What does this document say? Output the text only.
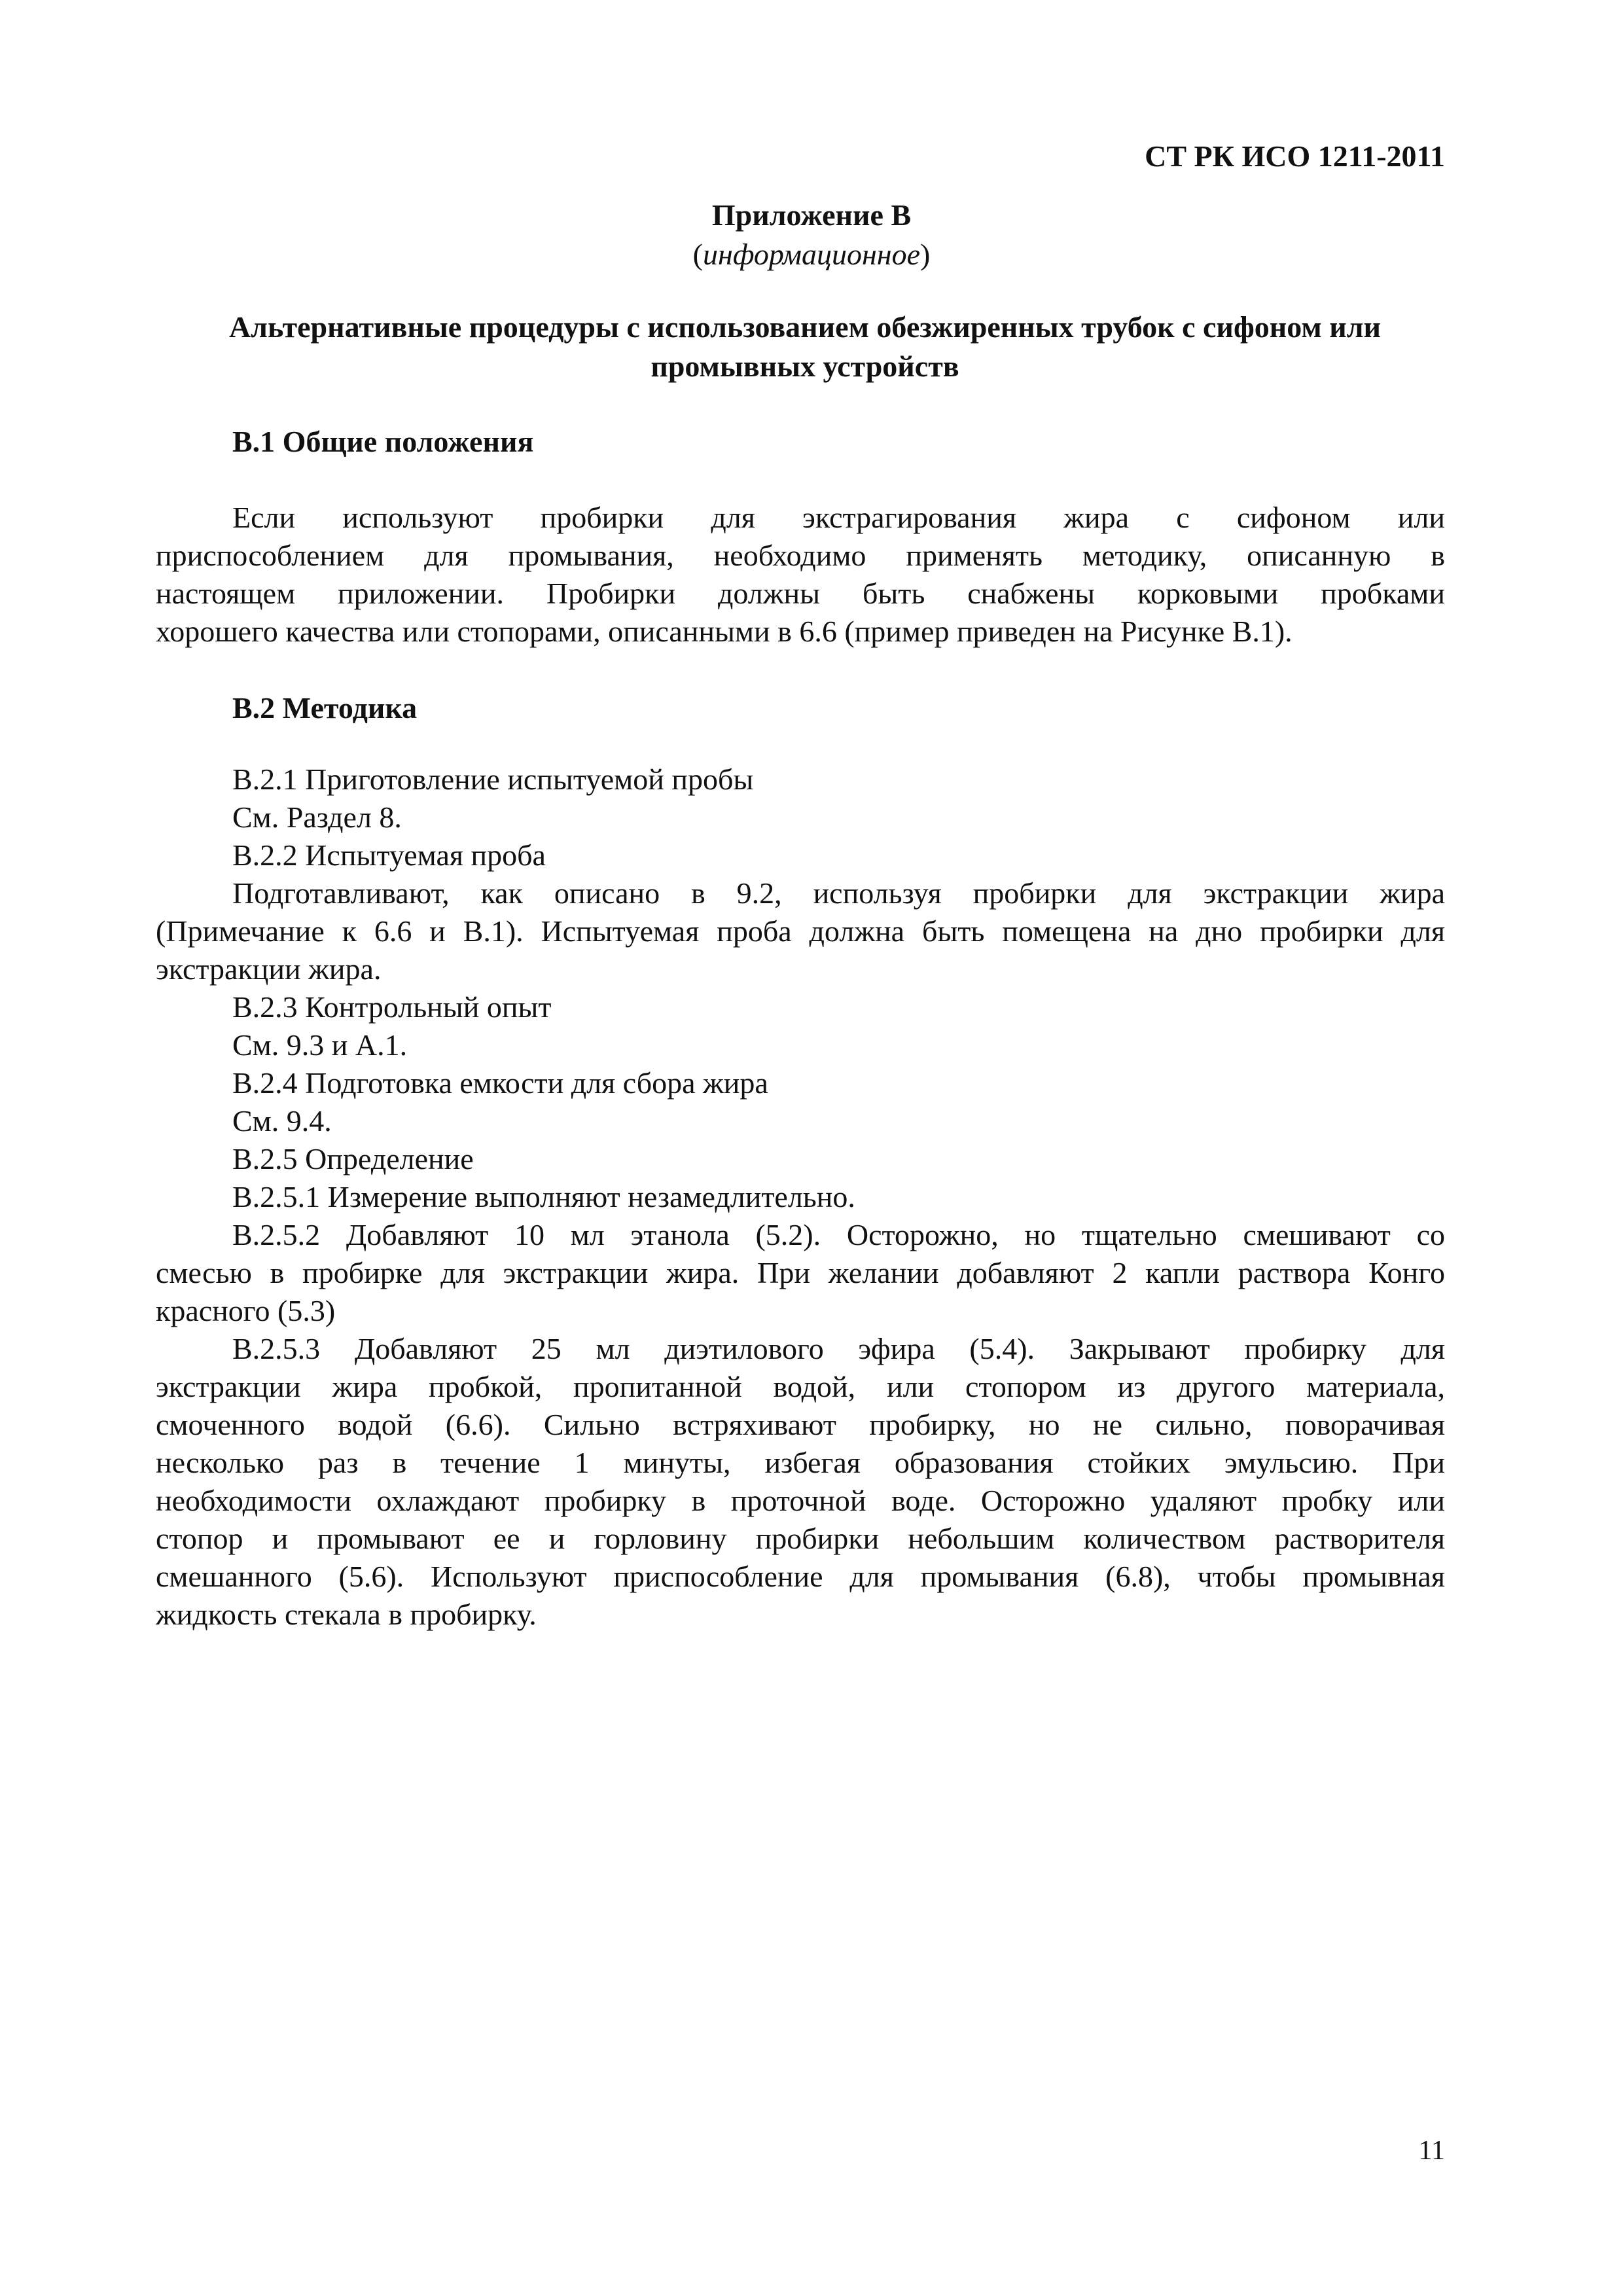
СТ РК ИСО 1211-2011
Приложение В
(информационное)
Альтернативные процедуры с использованием обезжиренных трубок с сифоном или
промывных устройств
В.1 Общие положения
Если используют пробирки для экстрагирования жира с сифоном или
приспособлением для промывания, необходимо применять методику, описанную в
настоящем приложении. Пробирки должны быть снабжены корковыми пробками
хорошего качества или стопорами, описанными в 6.6 (пример приведен на Рисунке В.1).
В.2 Методика
В.2.1 Приготовление испытуемой пробы
См. Раздел 8.
В.2.2 Испытуемая проба
Подготавливают, как описано в 9.2, используя пробирки для экстракции жира
(Примечание к 6.6 и В.1). Испытуемая проба должна быть помещена на дно пробирки для
экстракции жира.
В.2.3 Контрольный опыт
См. 9.3 и А.1.
В.2.4 Подготовка емкости для сбора жира
См. 9.4.
В.2.5 Определение
В.2.5.1 Измерение выполняют незамедлительно.
В.2.5.2 Добавляют 10 мл этанола (5.2). Осторожно, но тщательно смешивают со
смесью в пробирке для экстракции жира. При желании добавляют 2 капли раствора Конго
красного (5.3)
В.2.5.3 Добавляют 25 мл диэтилового эфира (5.4). Закрывают пробирку для
экстракции жира пробкой, пропитанной водой, или стопором из другого материала,
смоченного водой (6.6). Сильно встряхивают пробирку, но не сильно, поворачивая
несколько раз в течение 1 минуты, избегая образования стойких эмульсию. При
необходимости охлаждают пробирку в проточной воде. Осторожно удаляют пробку или
стопор и промывают ее и горловину пробирки небольшим количеством растворителя
смешанного (5.6). Используют приспособление для промывания (6.8), чтобы промывная
жидкость стекала в пробирку.
11
